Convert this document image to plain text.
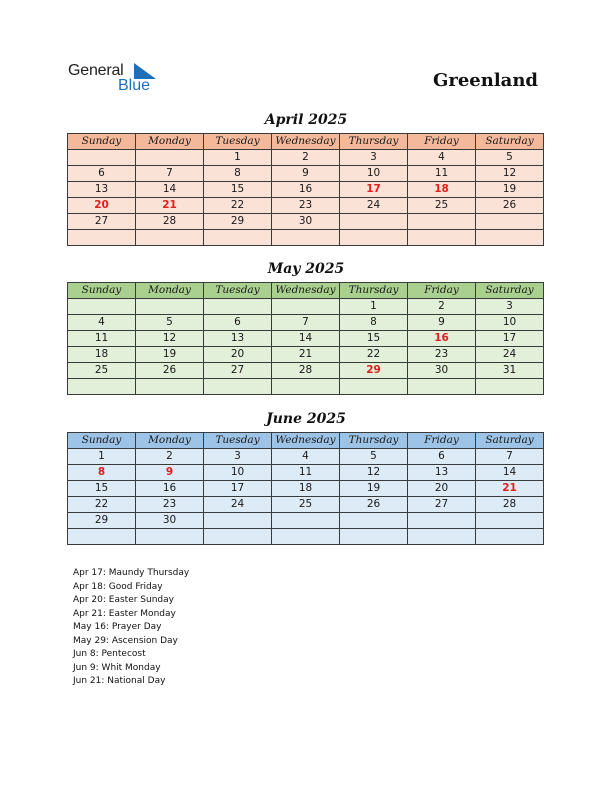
General
Blue	Greenland
April 2025
Sunday	Monday	Tuesday	Wednesday	Thursday	Friday	Saturday
		1	2	3	4	5
6	7	8	9	10	11	12
13	14	15	16	17	18	19
20	21	22	23	24	25	26
27	28	29	30			

May 2025
Sunday	Monday	Tuesday	Wednesday	Thursday	Friday	Saturday
				1	2	3
4	5	6	7	8	9	10
11	12	13	14	15	16	17
18	19	20	21	22	23	24
25	26	27	28	29	30	31

June 2025
Sunday	Monday	Tuesday	Wednesday	Thursday	Friday	Saturday
1	2	3	4	5	6	7
8	9	10	11	12	13	14
15	16	17	18	19	20	21
22	23	24	25	26	27	28
29	30					

Apr 17: Maundy Thursday
Apr 18: Good Friday
Apr 20: Easter Sunday
Apr 21: Easter Monday
May 16: Prayer Day
May 29: Ascension Day
Jun 8: Pentecost
Jun 9: Whit Monday
Jun 21: National Day
